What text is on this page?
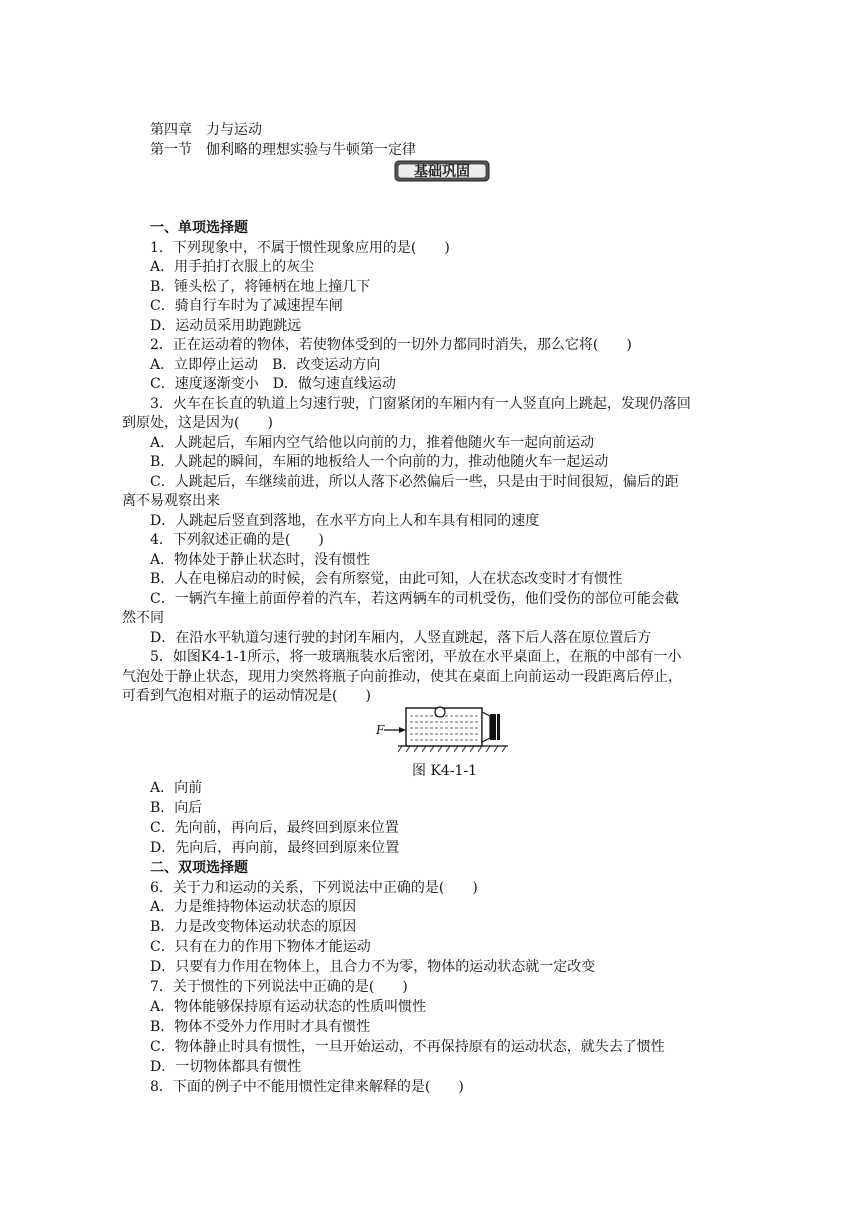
第四章　力与运动
第一节　伽利略的理想实验与牛顿第一定律
基础巩固
一、单项选择题
1．下列现象中，不属于惯性现象应用的是(　　)
A．用手拍打衣服上的灰尘
B．锤头松了，将锤柄在地上撞几下
C．骑自行车时为了减速捏车闸
D．运动员采用助跑跳远
2．正在运动着的物体，若使物体受到的一切外力都同时消失，那么它将(　　)
A．立即停止运动　B．改变运动方向
C．速度逐渐变小　D．做匀速直线运动
3．火车在长直的轨道上匀速行驶，门窗紧闭的车厢内有一人竖直向上跳起，发现仍落回
到原处，这是因为(　　)
A．人跳起后，车厢内空气给他以向前的力，推着他随火车一起向前运动
B．人跳起的瞬间，车厢的地板给人一个向前的力，推动他随火车一起运动
C．人跳起后，车继续前进，所以人落下必然偏后一些，只是由于时间很短，偏后的距
离不易观察出来
D．人跳起后竖直到落地，在水平方向上人和车具有相同的速度
4．下列叙述正确的是(　　)
A．物体处于静止状态时，没有惯性
B．人在电梯启动的时候，会有所察觉，由此可知，人在状态改变时才有惯性
C．一辆汽车撞上前面停着的汽车，若这两辆车的司机受伤，他们受伤的部位可能会截
然不同
D．在沿水平轨道匀速行驶的封闭车厢内，人竖直跳起，落下后人落在原位置后方
5．如图K4-1-1所示，将一玻璃瓶装水后密闭，平放在水平桌面上，在瓶的中部有一小
气泡处于静止状态，现用力突然将瓶子向前推动，使其在桌面上向前运动一段距离后停止，
可看到气泡相对瓶子的运动情况是(　　)
F
图 K4-1-1
A．向前
B．向后
C．先向前，再向后，最终回到原来位置
D．先向后，再向前，最终回到原来位置
二、双项选择题
6．关于力和运动的关系，下列说法中正确的是(　　)
A．力是维持物体运动状态的原因
B．力是改变物体运动状态的原因
C．只有在力的作用下物体才能运动
D．只要有力作用在物体上，且合力不为零，物体的运动状态就一定改变
7．关于惯性的下列说法中正确的是(　　)
A．物体能够保持原有运动状态的性质叫惯性
B．物体不受外力作用时才具有惯性
C．物体静止时具有惯性，一旦开始运动，不再保持原有的运动状态，就失去了惯性
D．一切物体都具有惯性
8．下面的例子中不能用惯性定律来解释的是(　　)
